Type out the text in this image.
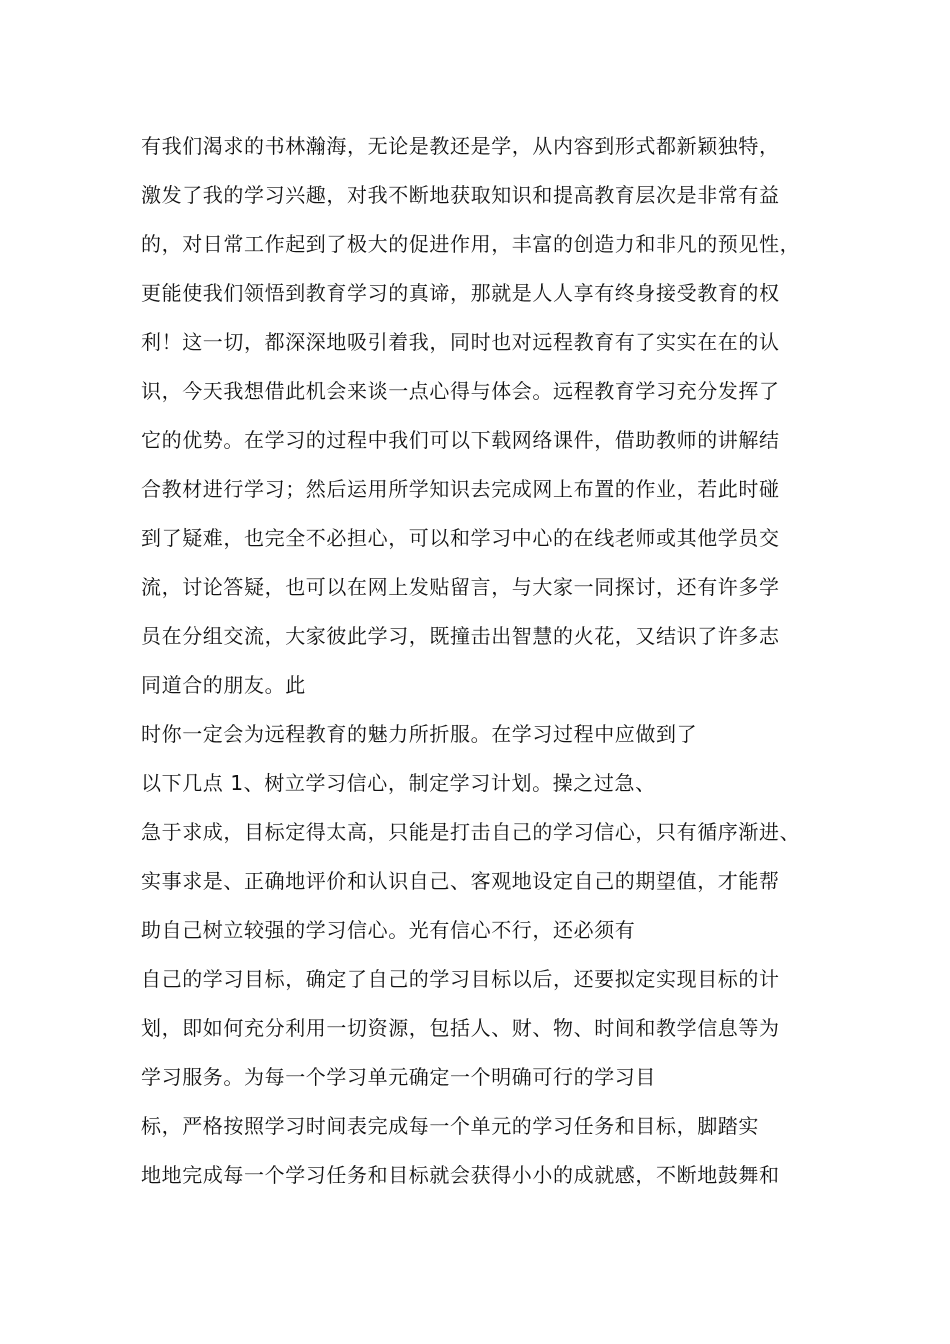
有我们渴求的书林瀚海，无论是教还是学，从内容到形式都新颖独特，
激发了我的学习兴趣，对我不断地获取知识和提高教育层次是非常有益
的，对日常工作起到了极大的促进作用，丰富的创造力和非凡的预见性，
更能使我们领悟到教育学习的真谛，那就是人人享有终身接受教育的权
利！这一切，都深深地吸引着我，同时也对远程教育有了实实在在的认
识，今天我想借此机会来谈一点心得与体会。远程教育学习充分发挥了
它的优势。在学习的过程中我们可以下载网络课件，借助教师的讲解结
合教材进行学习；然后运用所学知识去完成网上布置的作业，若此时碰
到了疑难，也完全不必担心，可以和学习中心的在线老师或其他学员交
流，讨论答疑，也可以在网上发贴留言，与大家一同探讨，还有许多学
员在分组交流，大家彼此学习，既撞击出智慧的火花，又结识了许多志
同道合的朋友。此
时你一定会为远程教育的魅力所折服。在学习过程中应做到了
以下几点 1、树立学习信心，制定学习计划。操之过急、
急于求成，目标定得太高，只能是打击自己的学习信心，只有循序渐进、
实事求是、正确地评价和认识自己、客观地设定自己的期望值，才能帮
助自己树立较强的学习信心。光有信心不行，还必须有
自己的学习目标，确定了自己的学习目标以后，还要拟定实现目标的计
划，即如何充分利用一切资源，包括人、财、物、时间和教学信息等为
学习服务。为每一个学习单元确定一个明确可行的学习目
标，严格按照学习时间表完成每一个单元的学习任务和目标，脚踏实
地地完成每一个学习任务和目标就会获得小小的成就感，不断地鼓舞和
